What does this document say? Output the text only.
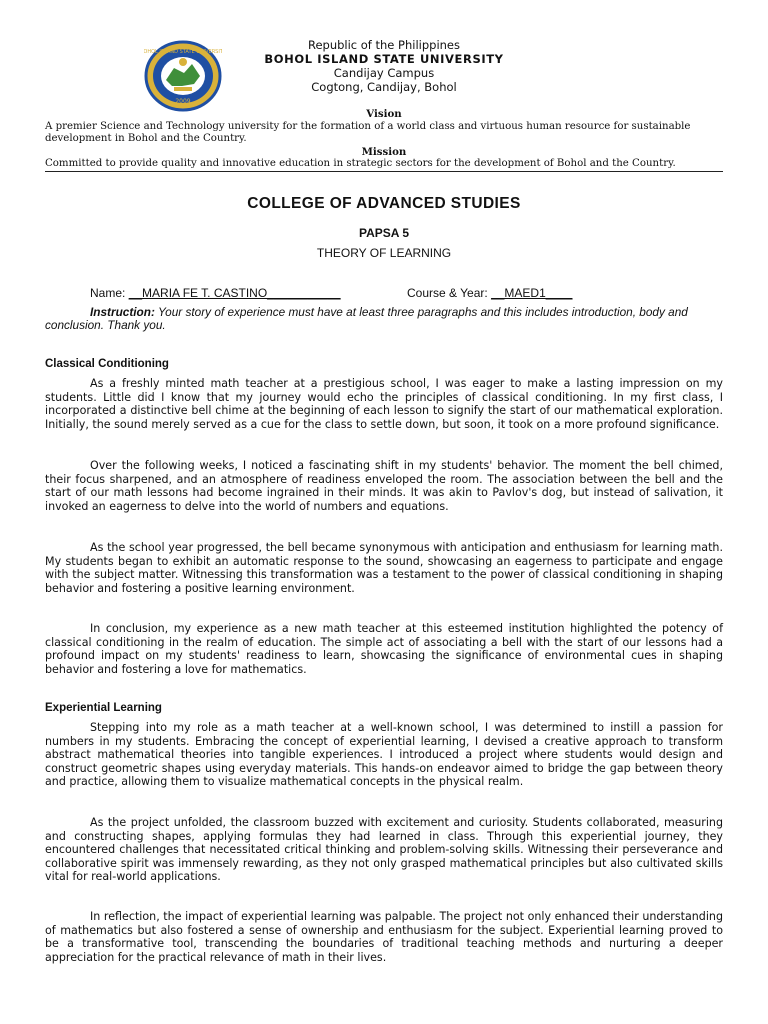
BOHOL ISLAND STATE UNIVERSITY
2009
Republic of the Philippines
BOHOL ISLAND STATE UNIVERSITY
Candijay Campus
Cogtong, Candijay, Bohol
Vision
A premier Science and Technology university for the formation of a world class and virtuous human resource for sustainable development in Bohol and the Country.
Mission
Committed to provide quality and innovative education in strategic sectors for the development of Bohol and the Country.
COLLEGE OF ADVANCED STUDIES
PAPSA 5
THEORY OF LEARNING
Name: __MARIA FE T. CASTINO___________	Course & Year: __MAED1____
Instruction: Your story of experience must have at least three paragraphs and this includes introduction, body and conclusion. Thank you.
Classical Conditioning

As a freshly minted math teacher at a prestigious school, I was eager to make a lasting impression on my students. Little did I know that my journey would echo the principles of classical conditioning. In my first class, I incorporated a distinctive bell chime at the beginning of each lesson to signify the start of our mathematical exploration. Initially, the sound merely served as a cue for the class to settle down, but soon, it took on a more profound significance.

Over the following weeks, I noticed a fascinating shift in my students' behavior. The moment the bell chimed, their focus sharpened, and an atmosphere of readiness enveloped the room. The association between the bell and the start of our math lessons had become ingrained in their minds. It was akin to Pavlov's dog, but instead of salivation, it invoked an eagerness to delve into the world of numbers and equations.

As the school year progressed, the bell became synonymous with anticipation and enthusiasm for learning math. My students began to exhibit an automatic response to the sound, showcasing an eagerness to participate and engage with the subject matter. Witnessing this transformation was a testament to the power of classical conditioning in shaping behavior and fostering a positive learning environment.

In conclusion, my experience as a new math teacher at this esteemed institution highlighted the potency of classical conditioning in the realm of education. The simple act of associating a bell with the start of our lessons had a profound impact on my students' readiness to learn, showcasing the significance of environmental cues in shaping behavior and fostering a love for mathematics.

Experiential Learning

Stepping into my role as a math teacher at a well-known school, I was determined to instill a passion for numbers in my students. Embracing the concept of experiential learning, I devised a creative approach to transform abstract mathematical theories into tangible experiences. I introduced a project where students would design and construct geometric shapes using everyday materials. This hands-on endeavor aimed to bridge the gap between theory and practice, allowing them to visualize mathematical concepts in the physical realm.

As the project unfolded, the classroom buzzed with excitement and curiosity. Students collaborated, measuring and constructing shapes, applying formulas they had learned in class. Through this experiential journey, they encountered challenges that necessitated critical thinking and problem-solving skills. Witnessing their perseverance and collaborative spirit was immensely rewarding, as they not only grasped mathematical principles but also cultivated skills vital for real-world applications.

In reflection, the impact of experiential learning was palpable. The project not only enhanced their understanding of mathematics but also fostered a sense of ownership and enthusiasm for the subject. Experiential learning proved to be a transformative tool, transcending the boundaries of traditional teaching methods and nurturing a deeper appreciation for the practical relevance of math in their lives.
